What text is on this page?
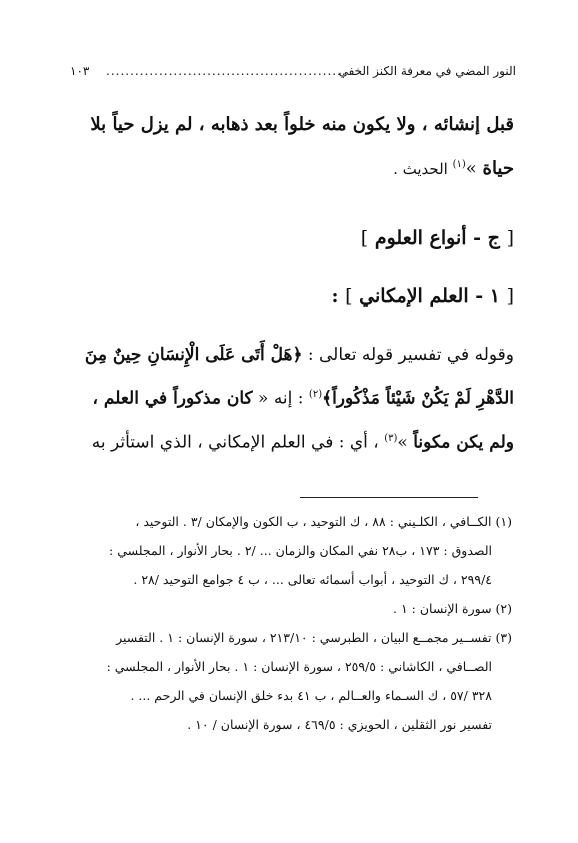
النور المضي في معرفة الكنز الخفي
..................................................
١٠٣
قبل إنشائه ، ولا يكون منه خلواً بعد ذهابه ، لم يزل حياً بلا
حياة »$^{(١)}$ الحديث .
[ ج - أنواع العلوم ]
[ ١ - العلم الإمكاني ] :
وقوله في تفسير قوله تعالى : ﴿هَلْ أَتَى عَلَى الْإِنسَانِ حِينٌ مِنَ
الدَّهْرِ لَمْ يَكُنْ شَيْئاً مَذْكُوراً﴾$^{(٢)}$ : إنه « كان مذكوراً في العلم ،
ولم يكن مكوناً »$^{(٣)}$ ، أي : في العلم الإمكاني ، الذي استأثر به
(١) الكــافي ، الكلـيني : ٨٨ ، ك التوحيد ، ب الكون والإمكان /٣ . التوحيد ،
الصدوق : ١٧٣ ، ب٢٨ نفي المكان والزمان ... /٢ . بحار الأنوار ، المجلسي :
٢٩٩/٤ ، ك التوحيد ، أبواب أسمائه تعالى ... ، ب ٤ جوامع التوحيد /٢٨ .
(٢) سورة الإنسان : ١ .
(٣) تفســير مجمــع البيان ، الطبرسي : ٢١٣/١٠ ، سورة الإنسان : ١ . التفسير
الصــافي ، الكاشاني : ٢٥٩/٥ ، سورة الإنسان : ١ . بحار الأنوار ، المجلسي :
٣٢٨ /٥٧ ، ك السـماء والعــالم ، ب ٤١ بدء خلق الإنسان في الرحم ... .
تفسير نور الثقلين ، الحويزي : ٤٦٩/٥ ، سورة الإنسان / ١٠ .
